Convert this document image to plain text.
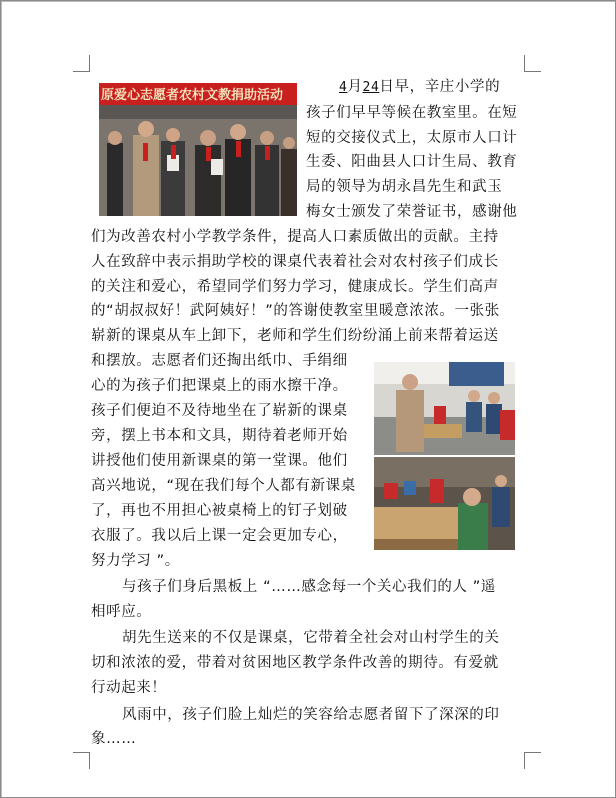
原爱心志愿者农村文教捐助活动
4月24日早，辛庄小学的
孩子们早早等候在教室里。在短
短的交接仪式上，太原市人口计
生委、阳曲县人口计生局、教育
局的领导为胡永昌先生和武玉
梅女士颁发了荣誉证书，感谢他
们为改善农村小学教学条件，提高人口素质做出的贡献。主持
人在致辞中表示捐助学校的课桌代表着社会对农村孩子们成长
的关注和爱心，希望同学们努力学习，健康成长。学生们高声
的“胡叔叔好！武阿姨好！”的答谢使教室里暖意浓浓。一张张
崭新的课桌从车上卸下，老师和学生们纷纷涌上前来帮着运送
和摆放。志愿者们还掏出纸巾、手绢细
心的为孩子们把课桌上的雨水擦干净。
孩子们便迫不及待地坐在了崭新的课桌
旁，摆上书本和文具，期待着老师开始
讲授他们使用新课桌的第一堂课。他们
高兴地说，“现在我们每个人都有新课桌
了，再也不用担心被桌椅上的钉子划破
衣服了。我以后上课一定会更加专心，
努力学习 ”。
与孩子们身后黑板上 “……感念每一个关心我们的人 ”遥
相呼应。
胡先生送来的不仅是课桌，它带着全社会对山村学生的关
切和浓浓的爱，带着对贫困地区教学条件改善的期待。有爱就
行动起来！
风雨中，孩子们脸上灿烂的笑容给志愿者留下了深深的印
象……
